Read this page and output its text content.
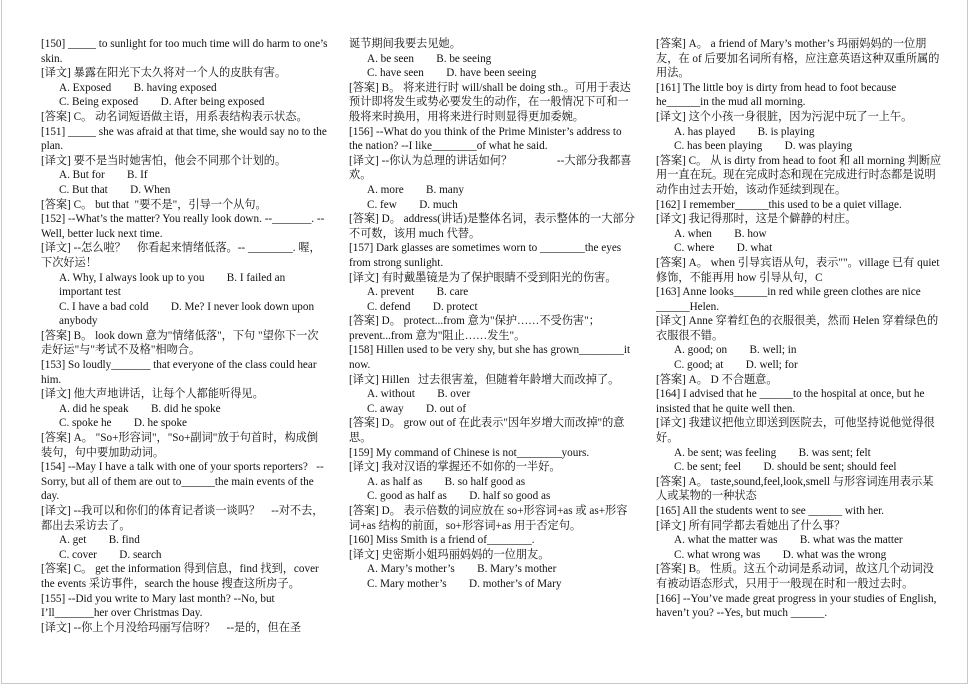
[150] _____ to sunlight for too much time will do harm to one’s skin.
[译文] 暴露在阳光下太久将对一个人的皮肤有害。
A. Exposed        B. having exposed
C. Being exposed        D. After being exposed
[答案] C。 动名词短语做主语，用系表结构表示状态。
[151] _____ she was afraid at that time, she would say no to the plan.
[译文] 要不是当时她害怕，他会不同那个计划的。
A. But for        B. If
C. But that        D. When
[答案] C。 but that  "要不是"，引导一个从句。
[152] --What’s the matter? You really look down. --_______. --Well, better luck next time.
[译文] --怎么啦？    你看起来情绪低落。-- ________. 喔，下次好运！
A. Why, I always look up to you        B. I failed an important test
C. I have a bad cold        D. Me? I never look down upon anybody
[答案] B。 look down 意为"情绪低落"，下句 "望你下一次走好运"与"考试不及格"相吻合。
[153] So loudly_______ that everyone of the class could hear him.
[译文] 他大声地讲话，让每个人都能听得见。
A. did he speak        B. did he spoke
C. spoke he        D. he spoke
[答案] A。 "So+形容词"，"So+副词"放于句首时，构成倒装句，句中要加助动词。
[154] --May I have a talk with one of your sports reporters?   --Sorry, but all of them are out to______the main events of the day.
[译文] --我可以和你们的体育记者谈一谈吗？    --对不去，都出去采访去了。
A. get        B. find
C. cover        D. search
[答案] C。 get the information 得到信息，find 找到，cover the events 采访事件，search the house 搜查这所房子。
[155] --Did you write to Mary last month? --No, but I’ll_______her over Christmas Day.
[译文] --你上个月没给玛丽写信呀？    --是的，但在圣
诞节期间我要去见她。
A. be seen        B. be seeing
C. have seen        D. have been seeing
[答案] B。 将来进行时 will/shall be doing sth.。可用于表达预计即将发生或势必要发生的动作，在一般情况下可和一般将来时换用，用将来进行时则显得更加委婉。
[156] --What do you think of the Prime Minister’s address to the nation? --I like________of what he said.
[译文] --你认为总理的讲话如何？                --大部分我都喜欢。
A. more        B. many
C. few        D. much
[答案] D。 address(讲话)是整体名词，表示整体的一大部分不可数，该用 much 代替。
[157] Dark glasses are sometimes worn to ________the eyes from strong sunlight.
[译文] 有时戴墨镜是为了保护眼睛不受到阳光的伤害。
A. prevent        B. care
C. defend        D. protect
[答案] D。 protect...from 意为"保护……不受伤害"；prevent...from 意为"阻止……发生"。
[158] Hillen used to be very shy, but she has grown________it now.
[译文] Hillen   过去很害羞，但随着年龄增大而改掉了。
A. without        B. over
C. away        D. out of
[答案] D。 grow out of 在此表示"因年岁增大而改掉"的意思。
[159] My command of Chinese is not________yours.
[译文] 我对汉语的掌握还不如你的一半好。
A. as half as        B. so half good as
C. good as half as        D. half so good as
[答案] D。 表示倍数的词应放在 so+形容词+as 或 as+形容词+as 结构的前面，so+形容词+as 用于否定句。
[160] Miss Smith is a friend of________.
[译文] 史密斯小姐玛丽妈妈的一位朋友。
A. Mary’s mother’s        B. Mary’s mother
C. Mary mother’s        D. mother’s of Mary
[答案] A。 a friend of Mary’s mother’s 玛丽妈妈的一位朋友，在 of 后要加名词所有格，应注意英语这种双重所属的用法。
[161] The little boy is dirty from head to foot because he______in the mud all morning.
[译文] 这个小孩一身很脏，因为污泥中玩了一上午。
A. has played        B. is playing
C. has been playing        D. was playing
[答案] C。 从 is dirty from head to foot 和 all morning 判断应用一直在玩。现在完成时态和现在完成进行时态都是说明动作由过去开始，该动作延续到现在。
[162] I remember______this used to be a quiet village.
[译文] 我记得那时，这是个僻静的村庄。
A. when        B. how
C. where        D. what
[答案] A。 when 引导宾语从句，表示""。village 已有 quiet 修饰，不能再用 how 引导从句，C
[163] Anne looks______in red while green clothes are nice ______Helen.
[译文] Anne 穿着红色的衣服很美，然而 Helen 穿着绿色的衣服很不错。
A. good; on        B. well; in
C. good; at        D. well; for
[答案] A。 D 不合题意。
[164] I advised that he ______to the hospital at once, but he insisted that he quite well then.
[译文] 我建议把他立即送到医院去，可他坚持说他觉得很好。
A. be sent; was feeling        B. was sent; felt
C. be sent; feel        D. should be sent; should feel
[答案] A。 taste,sound,feel,look,smell 与形容词连用表示某人或某物的一种状态
[165] All the students went to see ______ with her.
[译文] 所有同学都去看她出了什么事？
A. what the matter was        B. what was the matter
C. what wrong was        D. what was the wrong
[答案] B。 性质。这五个动词是系动词，故这几个动词没有被动语态形式，只用于一般现在时和一般过去时。
[166] --You’ve made great progress in your studies of English, haven’t you? --Yes, but much ______.
